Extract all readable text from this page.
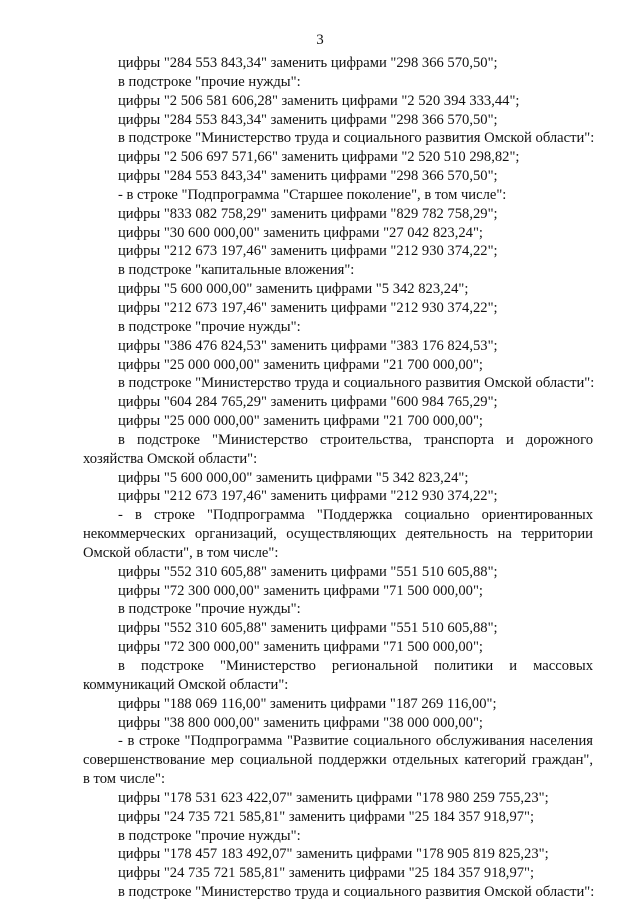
3
цифры "284 553 843,34" заменить цифрами "298 366 570,50";
в подстроке "прочие нужды":
цифры "2 506 581 606,28" заменить цифрами "2 520 394 333,44";
цифры "284 553 843,34" заменить цифрами "298 366 570,50";
в подстроке "Министерство труда и социального развития Омской области":
цифры "2 506 697 571,66" заменить цифрами "2 520 510 298,82";
цифры "284 553 843,34" заменить цифрами "298 366 570,50";
- в строке "Подпрограмма "Старшее поколение", в том числе":
цифры "833 082 758,29" заменить цифрами "829 782 758,29";
цифры "30 600 000,00" заменить цифрами "27 042 823,24";
цифры "212 673 197,46" заменить цифрами "212 930 374,22";
в подстроке "капитальные вложения":
цифры "5 600 000,00" заменить цифрами "5 342 823,24";
цифры "212 673 197,46" заменить цифрами "212 930 374,22";
в подстроке "прочие нужды":
цифры "386 476 824,53" заменить цифрами "383 176 824,53";
цифры "25 000 000,00" заменить цифрами "21 700 000,00";
в подстроке "Министерство труда и социального развития Омской области":
цифры "604 284 765,29" заменить цифрами "600 984 765,29";
цифры "25 000 000,00" заменить цифрами "21 700 000,00";
в подстроке "Министерство строительства, транспорта и дорожного
хозяйства Омской области":
цифры "5 600 000,00" заменить цифрами "5 342 823,24";
цифры "212 673 197,46" заменить цифрами "212 930 374,22";
- в строке "Подпрограмма "Поддержка социально ориентированных
некоммерческих организаций, осуществляющих деятельность на территории
Омской области", в том числе":
цифры "552 310 605,88" заменить цифрами "551 510 605,88";
цифры "72 300 000,00" заменить цифрами "71 500 000,00";
в подстроке "прочие нужды":
цифры "552 310 605,88" заменить цифрами "551 510 605,88";
цифры "72 300 000,00" заменить цифрами "71 500 000,00";
в подстроке "Министерство региональной политики и массовых
коммуникаций Омской области":
цифры "188 069 116,00" заменить цифрами "187 269 116,00";
цифры "38 800 000,00" заменить цифрами "38 000 000,00";
- в строке "Подпрограмма "Развитие социального обслуживания населения
совершенствование мер социальной поддержки отдельных категорий граждан",
в том числе":
цифры "178 531 623 422,07" заменить цифрами "178 980 259 755,23";
цифры "24 735 721 585,81" заменить цифрами "25 184 357 918,97";
в подстроке "прочие нужды":
цифры "178 457 183 492,07" заменить цифрами "178 905 819 825,23";
цифры "24 735 721 585,81" заменить цифрами "25 184 357 918,97";
в подстроке "Министерство труда и социального развития Омской области":
